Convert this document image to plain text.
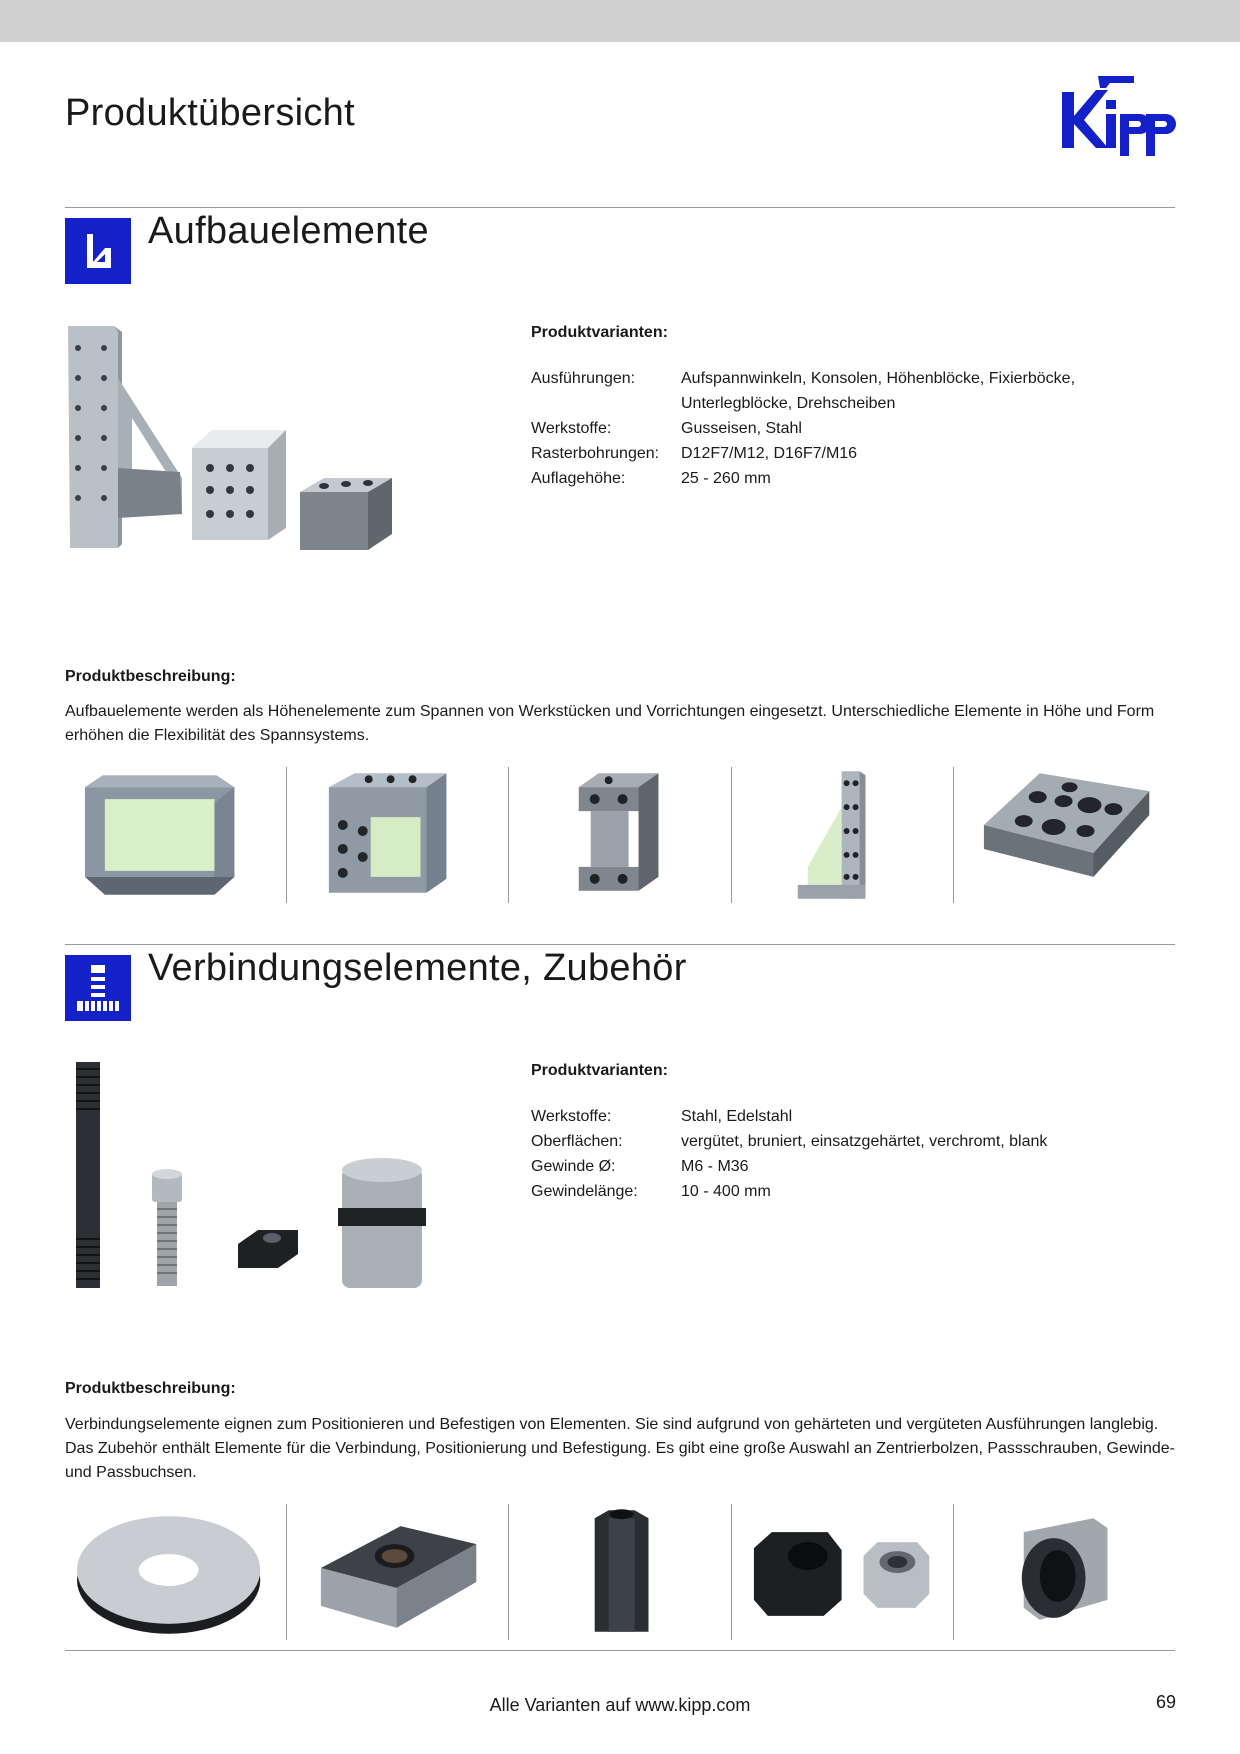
Produktübersicht
Aufbauelemente
Produktvarianten:
Ausführungen:	Aufspannwinkeln, Konsolen, Höhenblöcke, Fixierböcke, Unterlegblöcke, Drehscheiben
Werkstoffe:	Gusseisen, Stahl
Rasterbohrungen:	D12F7/M12, D16F7/M16
Auflagehöhe:	25 - 260 mm
Produktbeschreibung:
Aufbauelemente werden als Höhenelemente zum Spannen von Werkstücken und Vorrichtungen eingesetzt. Unterschiedliche Elemente in Höhe und Form erhöhen die Flexibilität des Spannsystems.
Verbindungselemente, Zubehör
Produktvarianten:
Werkstoffe:	Stahl, Edelstahl
Oberflächen:	vergütet, bruniert, einsatzgehärtet, verchromt, blank
Gewinde Ø:	M6 - M36
Gewindelänge:	10 - 400 mm
Produktbeschreibung:
Verbindungselemente eignen zum Positionieren und Befestigen von Elementen. Sie sind aufgrund von gehärteten und vergüteten Ausführungen langlebig. Das Zubehör enthält Elemente für die Verbindung, Positionierung und Befestigung. Es gibt eine große Auswahl an Zentrierbolzen, Passschrauben, Gewinde- und Passbuchsen.
Alle Varianten auf www.kipp.com	69
